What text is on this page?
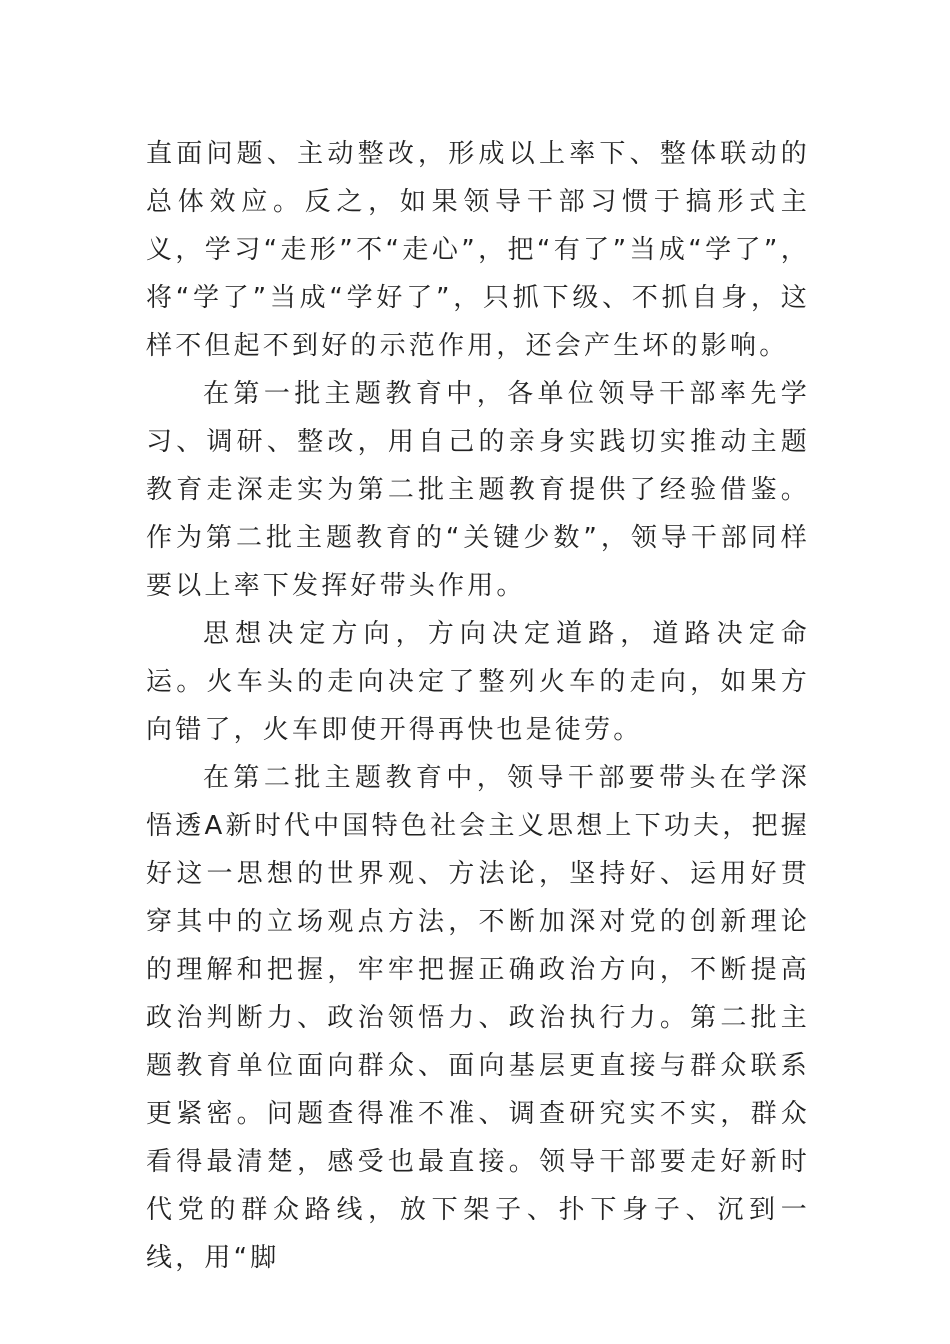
直面问题、主动整改，形成以上率下、整体联动的总体效应。反之，如果领导干部习惯于搞形式主义，学习“走形”不“走心”，把“有了”当成“学了”，将“学了”当成“学好了”，只抓下级、不抓自身，这样不但起不到好的示范作用，还会产生坏的影响。

在第一批主题教育中，各单位领导干部率先学习、调研、整改，用自己的亲身实践切实推动主题教育走深走实为第二批主题教育提供了经验借鉴。作为第二批主题教育的“关键少数”，领导干部同样要以上率下发挥好带头作用。

思想决定方向，方向决定道路，道路决定命运。火车头的走向决定了整列火车的走向，如果方向错了，火车即使开得再快也是徒劳。

在第二批主题教育中，领导干部要带头在学深悟透A新时代中国特色社会主义思想上下功夫，把握好这一思想的世界观、方法论，坚持好、运用好贯穿其中的立场观点方法，不断加深对党的创新理论的理解和把握，牢牢把握正确政治方向，不断提高政治判断力、政治领悟力、政治执行力。第二批主题教育单位面向群众、面向基层更直接与群众联系更紧密。问题查得准不准、调查研究实不实，群众看得最清楚，感受也最直接。领导干部要走好新时代党的群众路线，放下架子、扑下身子、沉到一线，用“脚
